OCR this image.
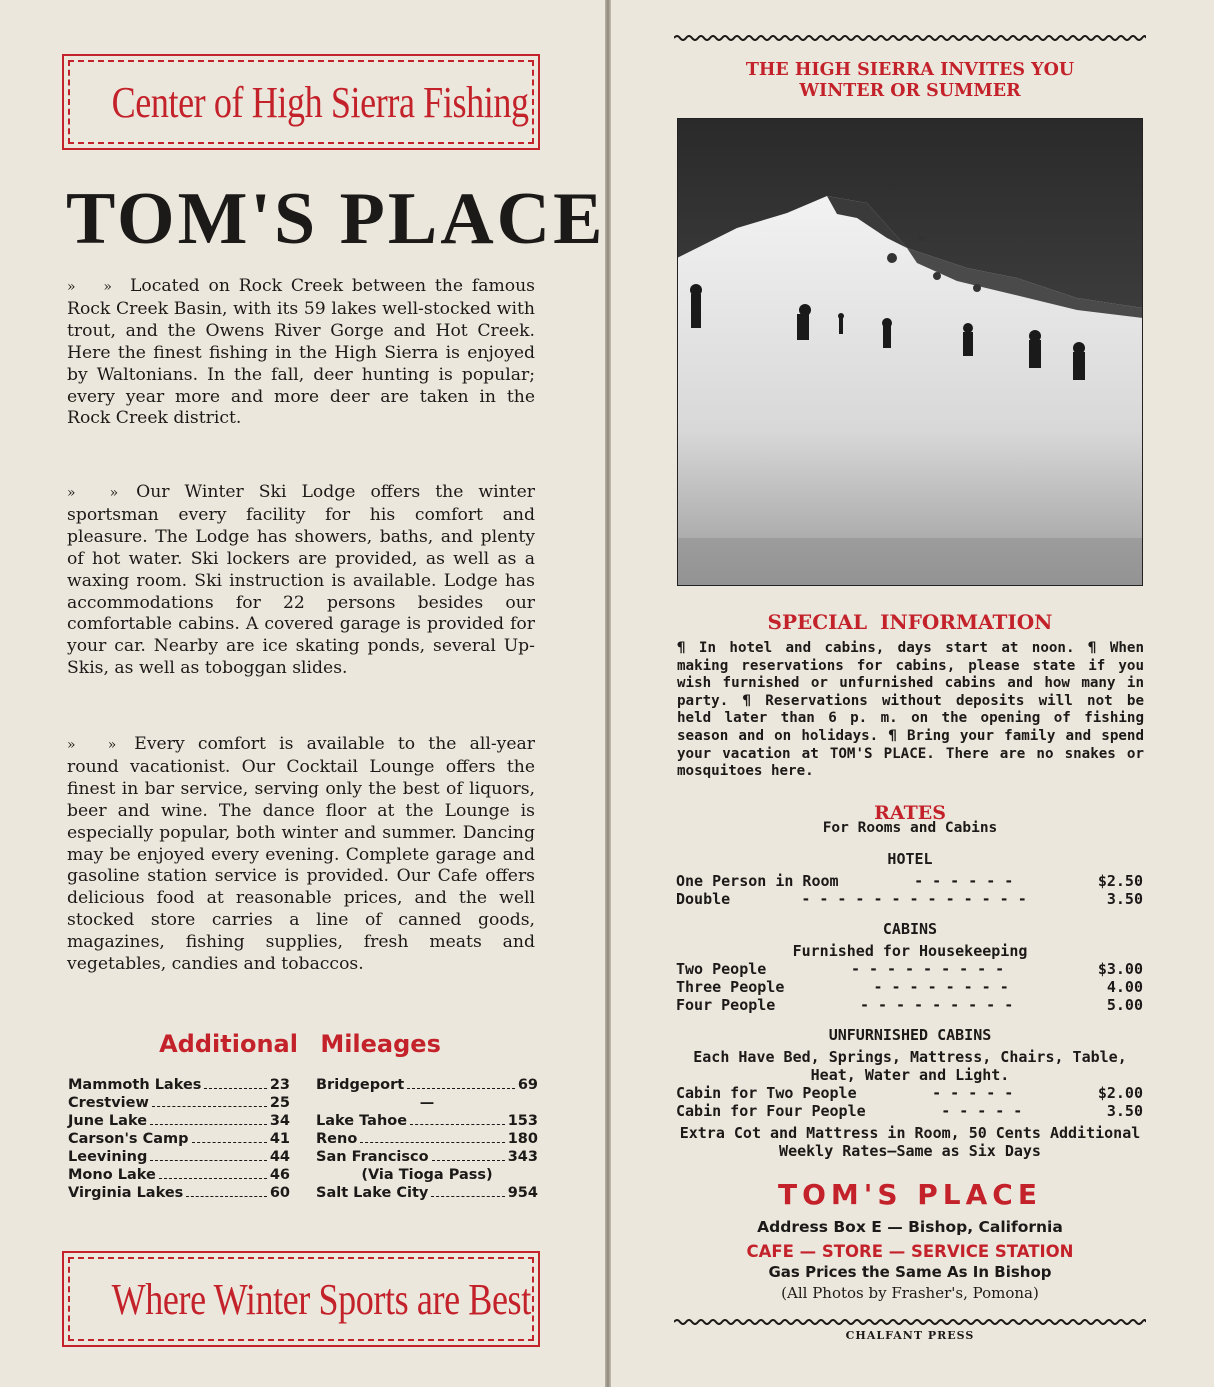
Center of High Sierra Fishing
TOM'S PLACE

» » Located on Rock Creek between the famous Rock Creek Basin, with its 59 lakes well-stocked with trout, and the Owens River Gorge and Hot Creek. Here the finest fishing in the High Sierra is enjoyed by Waltonians. In the fall, deer hunting is popular; every year more and more deer are taken in the Rock Creek district.

» » Our Winter Ski Lodge offers the winter sportsman every facility for his comfort and pleasure. The Lodge has showers, baths, and plenty of hot water. Ski lockers are provided, as well as a waxing room. Ski instruction is available. Lodge has accommodations for 22 persons besides our comfortable cabins. A covered garage is provided for your car. Nearby are ice skating ponds, several Up-Skis, as well as toboggan slides.

» » Every comfort is available to the all-year round vacationist. Our Cocktail Lounge offers the finest in bar service, serving only the best of liquors, beer and wine. The dance floor at the Lounge is especially popular, both winter and summer. Dancing may be enjoyed every evening. Complete garage and gasoline station service is provided. Our Cafe offers delicious food at reasonable prices, and the well stocked store carries a line of canned goods, magazines, fishing supplies, fresh meats and vegetables, candies and tobaccos.

Additional Mileages
Mammoth Lakes	23
Crestview	25
June Lake	34
Carson's Camp	41
Leevining	44
Mono Lake	46
Virginia Lakes	60
Bridgeport	69
—
Lake Tahoe	153
Reno	180
San Francisco	343
(Via Tioga Pass)
Salt Lake City	954
Where Winter Sports are Best
THE HIGH SIERRA INVITES YOU
WINTER OR SUMMER
SPECIAL INFORMATION

¶ In hotel and cabins, days start at noon. ¶ When making reservations for cabins, please state if you wish furnished or unfurnished cabins and how many in party. ¶ Reservations without deposits will not be held later than 6 p. m. on the opening of fishing season and on holidays. ¶ Bring your family and spend your vacation at TOM'S PLACE. There are no snakes or mosquitoes here.

RATES
For Rooms and Cabins
HOTEL
One Person in Room	------	$2.50
Double	-------------	3.50
CABINS
Furnished for Housekeeping
Two People	---------	$3.00
Three People	--------	4.00
Four People	---------	5.00
UNFURNISHED CABINS
Each Have Bed, Springs, Mattress, Chairs, Table,
Heat, Water and Light.
Cabin for Two People	-----	$2.00
Cabin for Four People	-----	3.50
Extra Cot and Mattress in Room, 50 Cents Additional
Weekly Rates—Same as Six Days
TOM'S PLACE
Address Box E — Bishop, California
CAFE — STORE — SERVICE STATION
Gas Prices the Same As In Bishop
(All Photos by Frasher's, Pomona)
CHALFANT PRESS
